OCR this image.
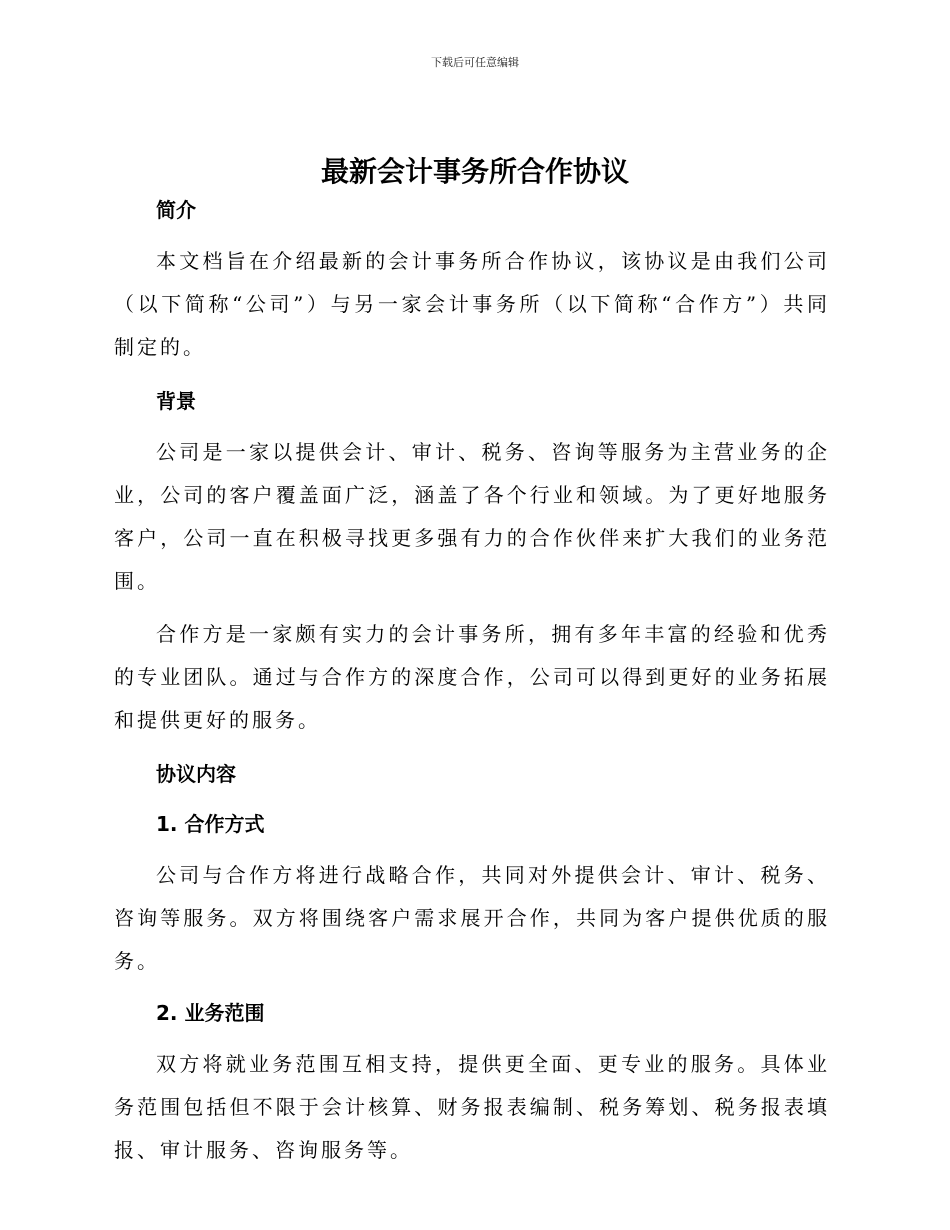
下载后可任意编辑
最新会计事务所合作协议
简介

本文档旨在介绍最新的会计事务所合作协议，该协议是由我们公司（以下简称“公司”）与另一家会计事务所（以下简称“合作方”）共同制定的。

背景

公司是一家以提供会计、审计、税务、咨询等服务为主营业务的企业，公司的客户覆盖面广泛，涵盖了各个行业和领域。为了更好地服务客户，公司一直在积极寻找更多强有力的合作伙伴来扩大我们的业务范围。

合作方是一家颇有实力的会计事务所，拥有多年丰富的经验和优秀的专业团队。通过与合作方的深度合作，公司可以得到更好的业务拓展和提供更好的服务。

协议内容
1. 合作方式

公司与合作方将进行战略合作，共同对外提供会计、审计、税务、咨询等服务。双方将围绕客户需求展开合作，共同为客户提供优质的服务。

2. 业务范围

双方将就业务范围互相支持，提供更全面、更专业的服务。具体业务范围包括但不限于会计核算、财务报表编制、税务筹划、税务报表填报、审计服务、咨询服务等。
